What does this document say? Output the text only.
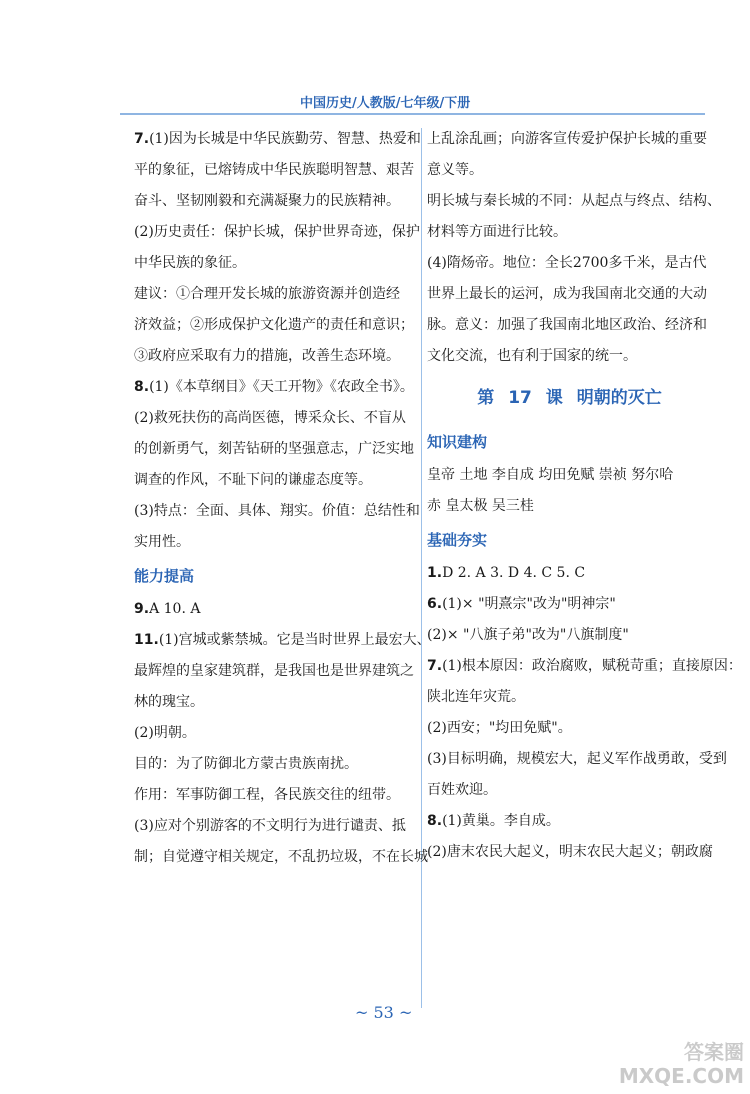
中国历史/人教版/七年级/下册
7.(1)因为长城是中华民族勤劳、智慧、热爱和
平的象征，已熔铸成中华民族聪明智慧、艰苦
奋斗、坚韧刚毅和充满凝聚力的民族精神。
(2)历史责任：保护长城，保护世界奇迹，保护
中华民族的象征。
建议：①合理开发长城的旅游资源并创造经
济效益；②形成保护文化遗产的责任和意识；
③政府应采取有力的措施，改善生态环境。
8.(1)《本草纲目》《天工开物》《农政全书》。
(2)救死扶伤的高尚医德，博采众长、不盲从
的创新勇气，刻苦钻研的坚强意志，广泛实地
调查的作风，不耻下问的谦虚态度等。
(3)特点：全面、具体、翔实。价值：总结性和
实用性。
能力提高
9.A 10. A
11.(1)宫城或紫禁城。它是当时世界上最宏大、
最辉煌的皇家建筑群，是我国也是世界建筑之
林的瑰宝。
(2)明朝。
目的：为了防御北方蒙古贵族南扰。
作用：军事防御工程，各民族交往的纽带。
(3)应对个别游客的不文明行为进行谴责、抵
制；自觉遵守相关规定，不乱扔垃圾，不在长城
上乱涂乱画；向游客宣传爱护保护长城的重要
意义等。
明长城与秦长城的不同：从起点与终点、结构、
材料等方面进行比较。
(4)隋炀帝。地位：全长2700多千米，是古代
世界上最长的运河，成为我国南北交通的大动
脉。意义：加强了我国南北地区政治、经济和
文化交流，也有利于国家的统一。
第 17 课 明朝的灭亡
知识建构
皇帝 土地 李自成 均田免赋 崇祯 努尔哈
赤 皇太极 吴三桂
基础夯实
1.D 2. A 3. D 4. C 5. C
6.(1)× "明熹宗"改为"明神宗"
(2)× "八旗子弟"改为"八旗制度"
7.(1)根本原因：政治腐败，赋税苛重；直接原因：
陕北连年灾荒。
(2)西安；"均田免赋"。
(3)目标明确，规模宏大，起义军作战勇敢，受到
百姓欢迎。
8.(1)黄巢。李自成。
(2)唐末农民大起义，明末农民大起义；朝政腐
~ 53 ~
答案圈
MXQE.COM
